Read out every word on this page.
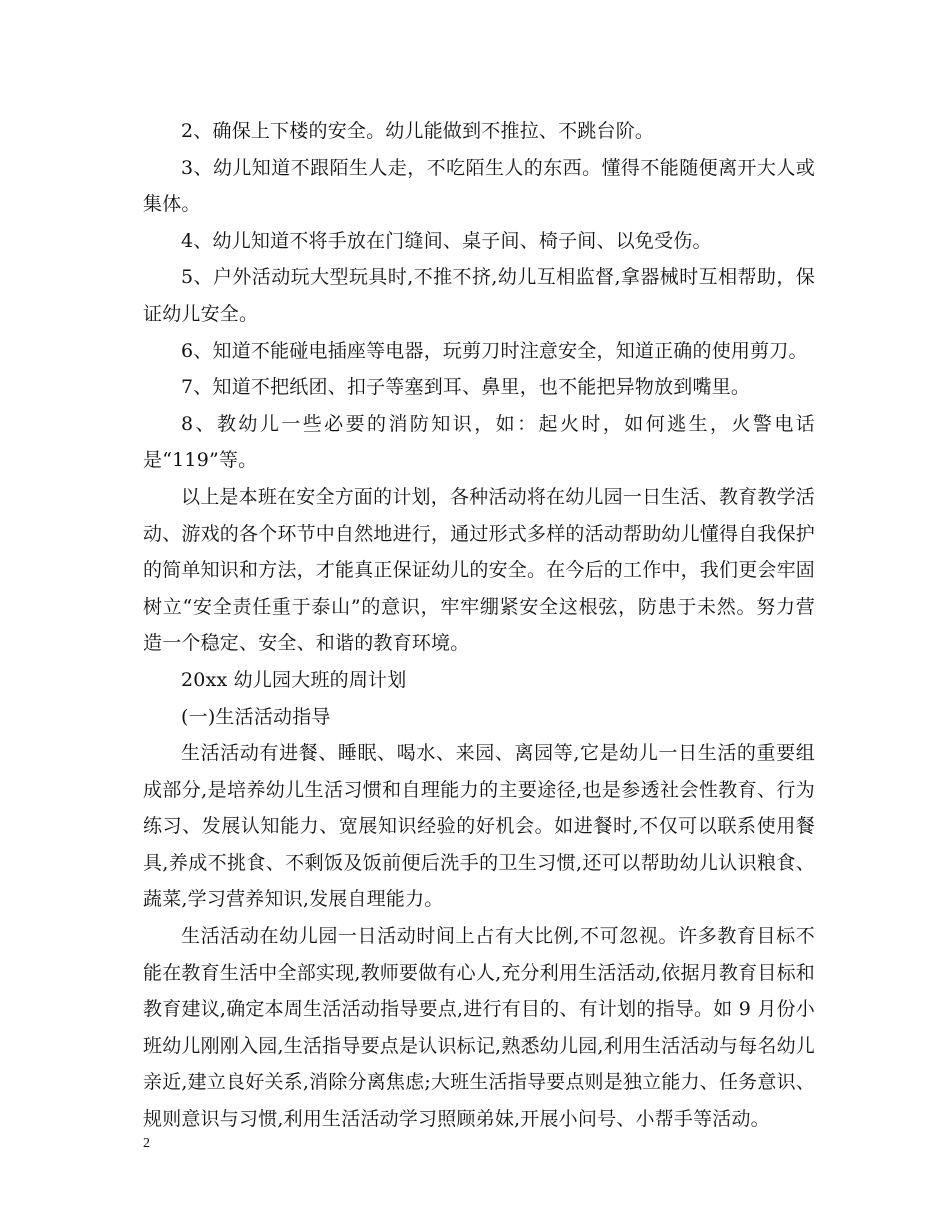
2、确保上下楼的安全。幼儿能做到不推拉、不跳台阶。

3、幼儿知道不跟陌生人走，不吃陌生人的东西。懂得不能随便离开大人或集体。

4、幼儿知道不将手放在门缝间、桌子间、椅子间、以免受伤。

5、户外活动玩大型玩具时,不推不挤,幼儿互相监督,拿器械时互相帮助，保证幼儿安全。

6、知道不能碰电插座等电器，玩剪刀时注意安全，知道正确的使用剪刀。

7、知道不把纸团、扣子等塞到耳、鼻里，也不能把异物放到嘴里。

8、教幼儿一些必要的消防知识，如：起火时，如何逃生，火警电话是“119”等。

以上是本班在安全方面的计划，各种活动将在幼儿园一日生活、教育教学活动、游戏的各个环节中自然地进行，通过形式多样的活动帮助幼儿懂得自我保护的简单知识和方法，才能真正保证幼儿的安全。在今后的工作中，我们更会牢固树立“安全责任重于泰山”的意识，牢牢绷紧安全这根弦，防患于未然。努力营造一个稳定、安全、和谐的教育环境。

20xx 幼儿园大班的周计划

(一)生活活动指导

生活活动有进餐、睡眠、喝水、来园、离园等,它是幼儿一日生活的重要组成部分,是培养幼儿生活习惯和自理能力的主要途径,也是参透社会性教育、行为练习、发展认知能力、宽展知识经验的好机会。如进餐时,不仅可以联系使用餐具,养成不挑食、不剩饭及饭前便后洗手的卫生习惯,还可以帮助幼儿认识粮食、蔬菜,学习营养知识,发展自理能力。

生活活动在幼儿园一日活动时间上占有大比例,不可忽视。许多教育目标不能在教育生活中全部实现,教师要做有心人,充分利用生活活动,依据月教育目标和教育建议,确定本周生活活动指导要点,进行有目的、有计划的指导。如 9 月份小班幼儿刚刚入园,生活指导要点是认识标记,熟悉幼儿园,利用生活活动与每名幼儿亲近,建立良好关系,消除分离焦虑;大班生活指导要点则是独立能力、任务意识、规则意识与习惯,利用生活活动学习照顾弟妹,开展小问号、小帮手等活动。

2
